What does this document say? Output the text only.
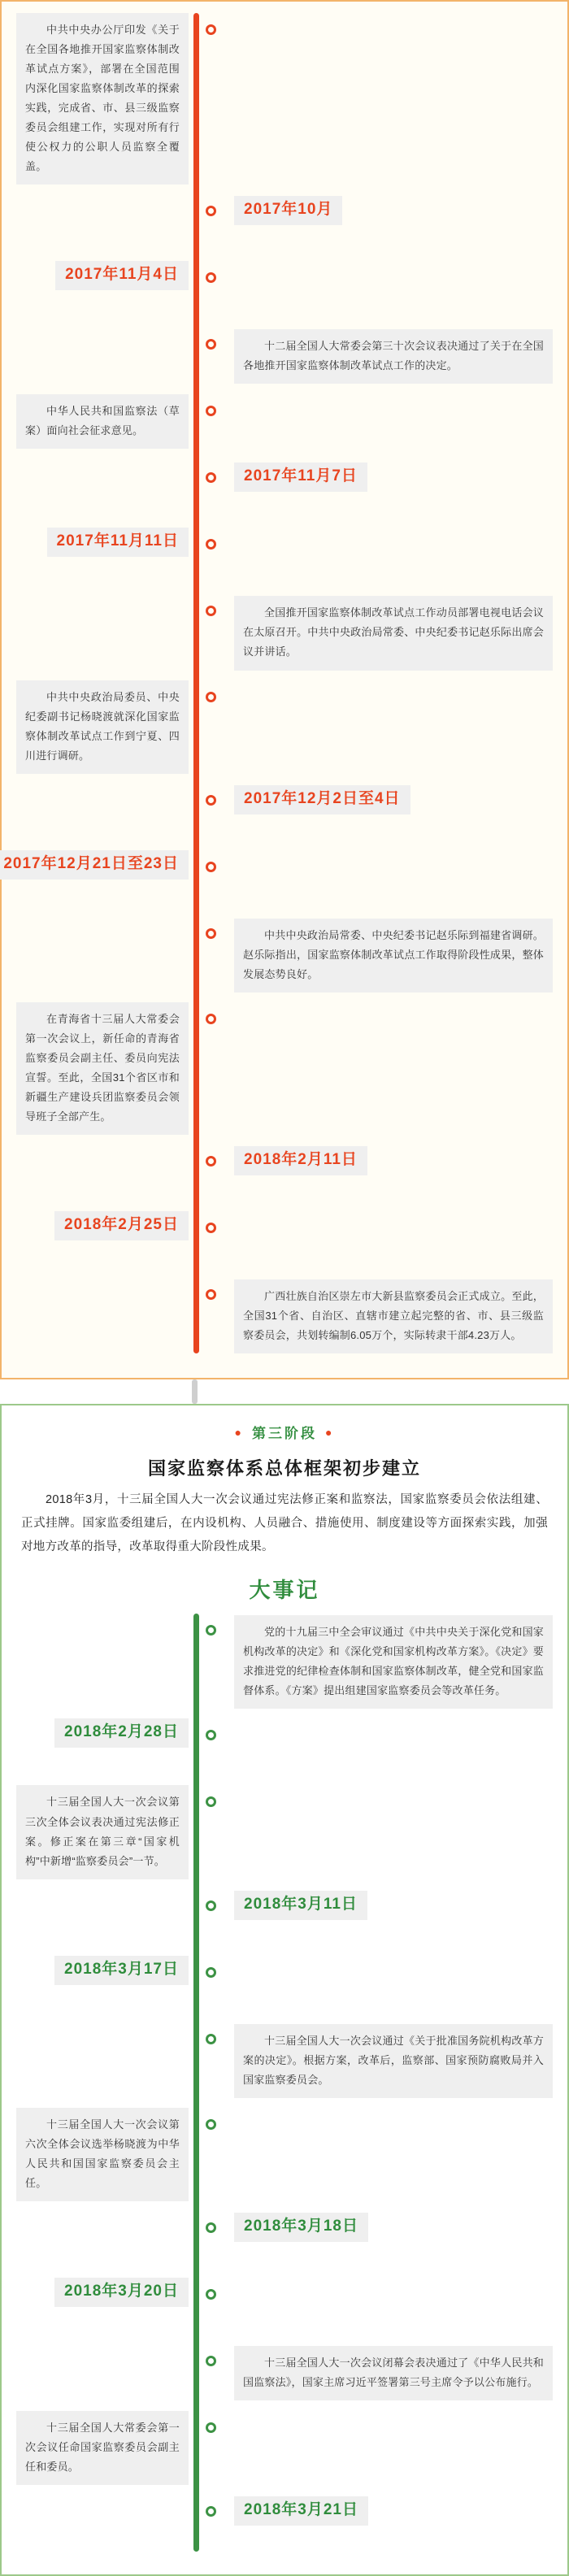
中共中央办公厅印发《关于在全国各地推开国家监察体制改革试点方案》，部署在全国范围内深化国家监察体制改革的探索实践，完成省、市、县三级监察委员会组建工作，实现对所有行使公权力的公职人员监察全覆盖。
2017年10月
2017年11月4日
十二届全国人大常委会第三十次会议表决通过了关于在全国各地推开国家监察体制改革试点工作的决定。
中华人民共和国监察法（草案）面向社会征求意见。
2017年11月7日
2017年11月11日
全国推开国家监察体制改革试点工作动员部署电视电话会议在太原召开。中共中央政治局常委、中央纪委书记赵乐际出席会议并讲话。
中共中央政治局委员、中央纪委副书记杨晓渡就深化国家监察体制改革试点工作到宁夏、四川进行调研。
2017年12月2日至4日
2017年12月21日至23日
中共中央政治局常委、中央纪委书记赵乐际到福建省调研。赵乐际指出，国家监察体制改革试点工作取得阶段性成果，整体发展态势良好。
在青海省十三届人大常委会第一次会议上，新任命的青海省监察委员会副主任、委员向宪法宣誓。至此，全国31个省区市和新疆生产建设兵团监察委员会领导班子全部产生。
2018年2月11日
2018年2月25日
广西壮族自治区崇左市大新县监察委员会正式成立。至此，全国31个省、自治区、直辖市建立起完整的省、市、县三级监察委员会，共划转编制6.05万个，实际转隶干部4.23万人。
● 第三阶段 ●
国家监察体系总体框架初步建立
2018年3月，十三届全国人大一次会议通过宪法修正案和监察法，国家监察委员会依法组建、正式挂牌。国家监委组建后，在内设机构、人员融合、措施使用、制度建设等方面探索实践，加强对地方改革的指导，改革取得重大阶段性成果。
大事记
党的十九届三中全会审议通过《中共中央关于深化党和国家机构改革的决定》和《深化党和国家机构改革方案》。《决定》要求推进党的纪律检查体制和国家监察体制改革，健全党和国家监督体系。《方案》提出组建国家监察委员会等改革任务。
2018年2月28日
十三届全国人大一次会议第三次全体会议表决通过宪法修正案。修正案在第三章“国家机构”中新增“监察委员会”一节。
2018年3月11日
2018年3月17日
十三届全国人大一次会议通过《关于批准国务院机构改革方案的决定》。根据方案，改革后，监察部、国家预防腐败局并入国家监察委员会。
十三届全国人大一次会议第六次全体会议选举杨晓渡为中华人民共和国国家监察委员会主任。
2018年3月18日
2018年3月20日
十三届全国人大一次会议闭幕会表决通过了《中华人民共和国监察法》，国家主席习近平签署第三号主席令予以公布施行。
十三届全国人大常委会第一次会议任命国家监察委员会副主任和委员。
2018年3月21日
